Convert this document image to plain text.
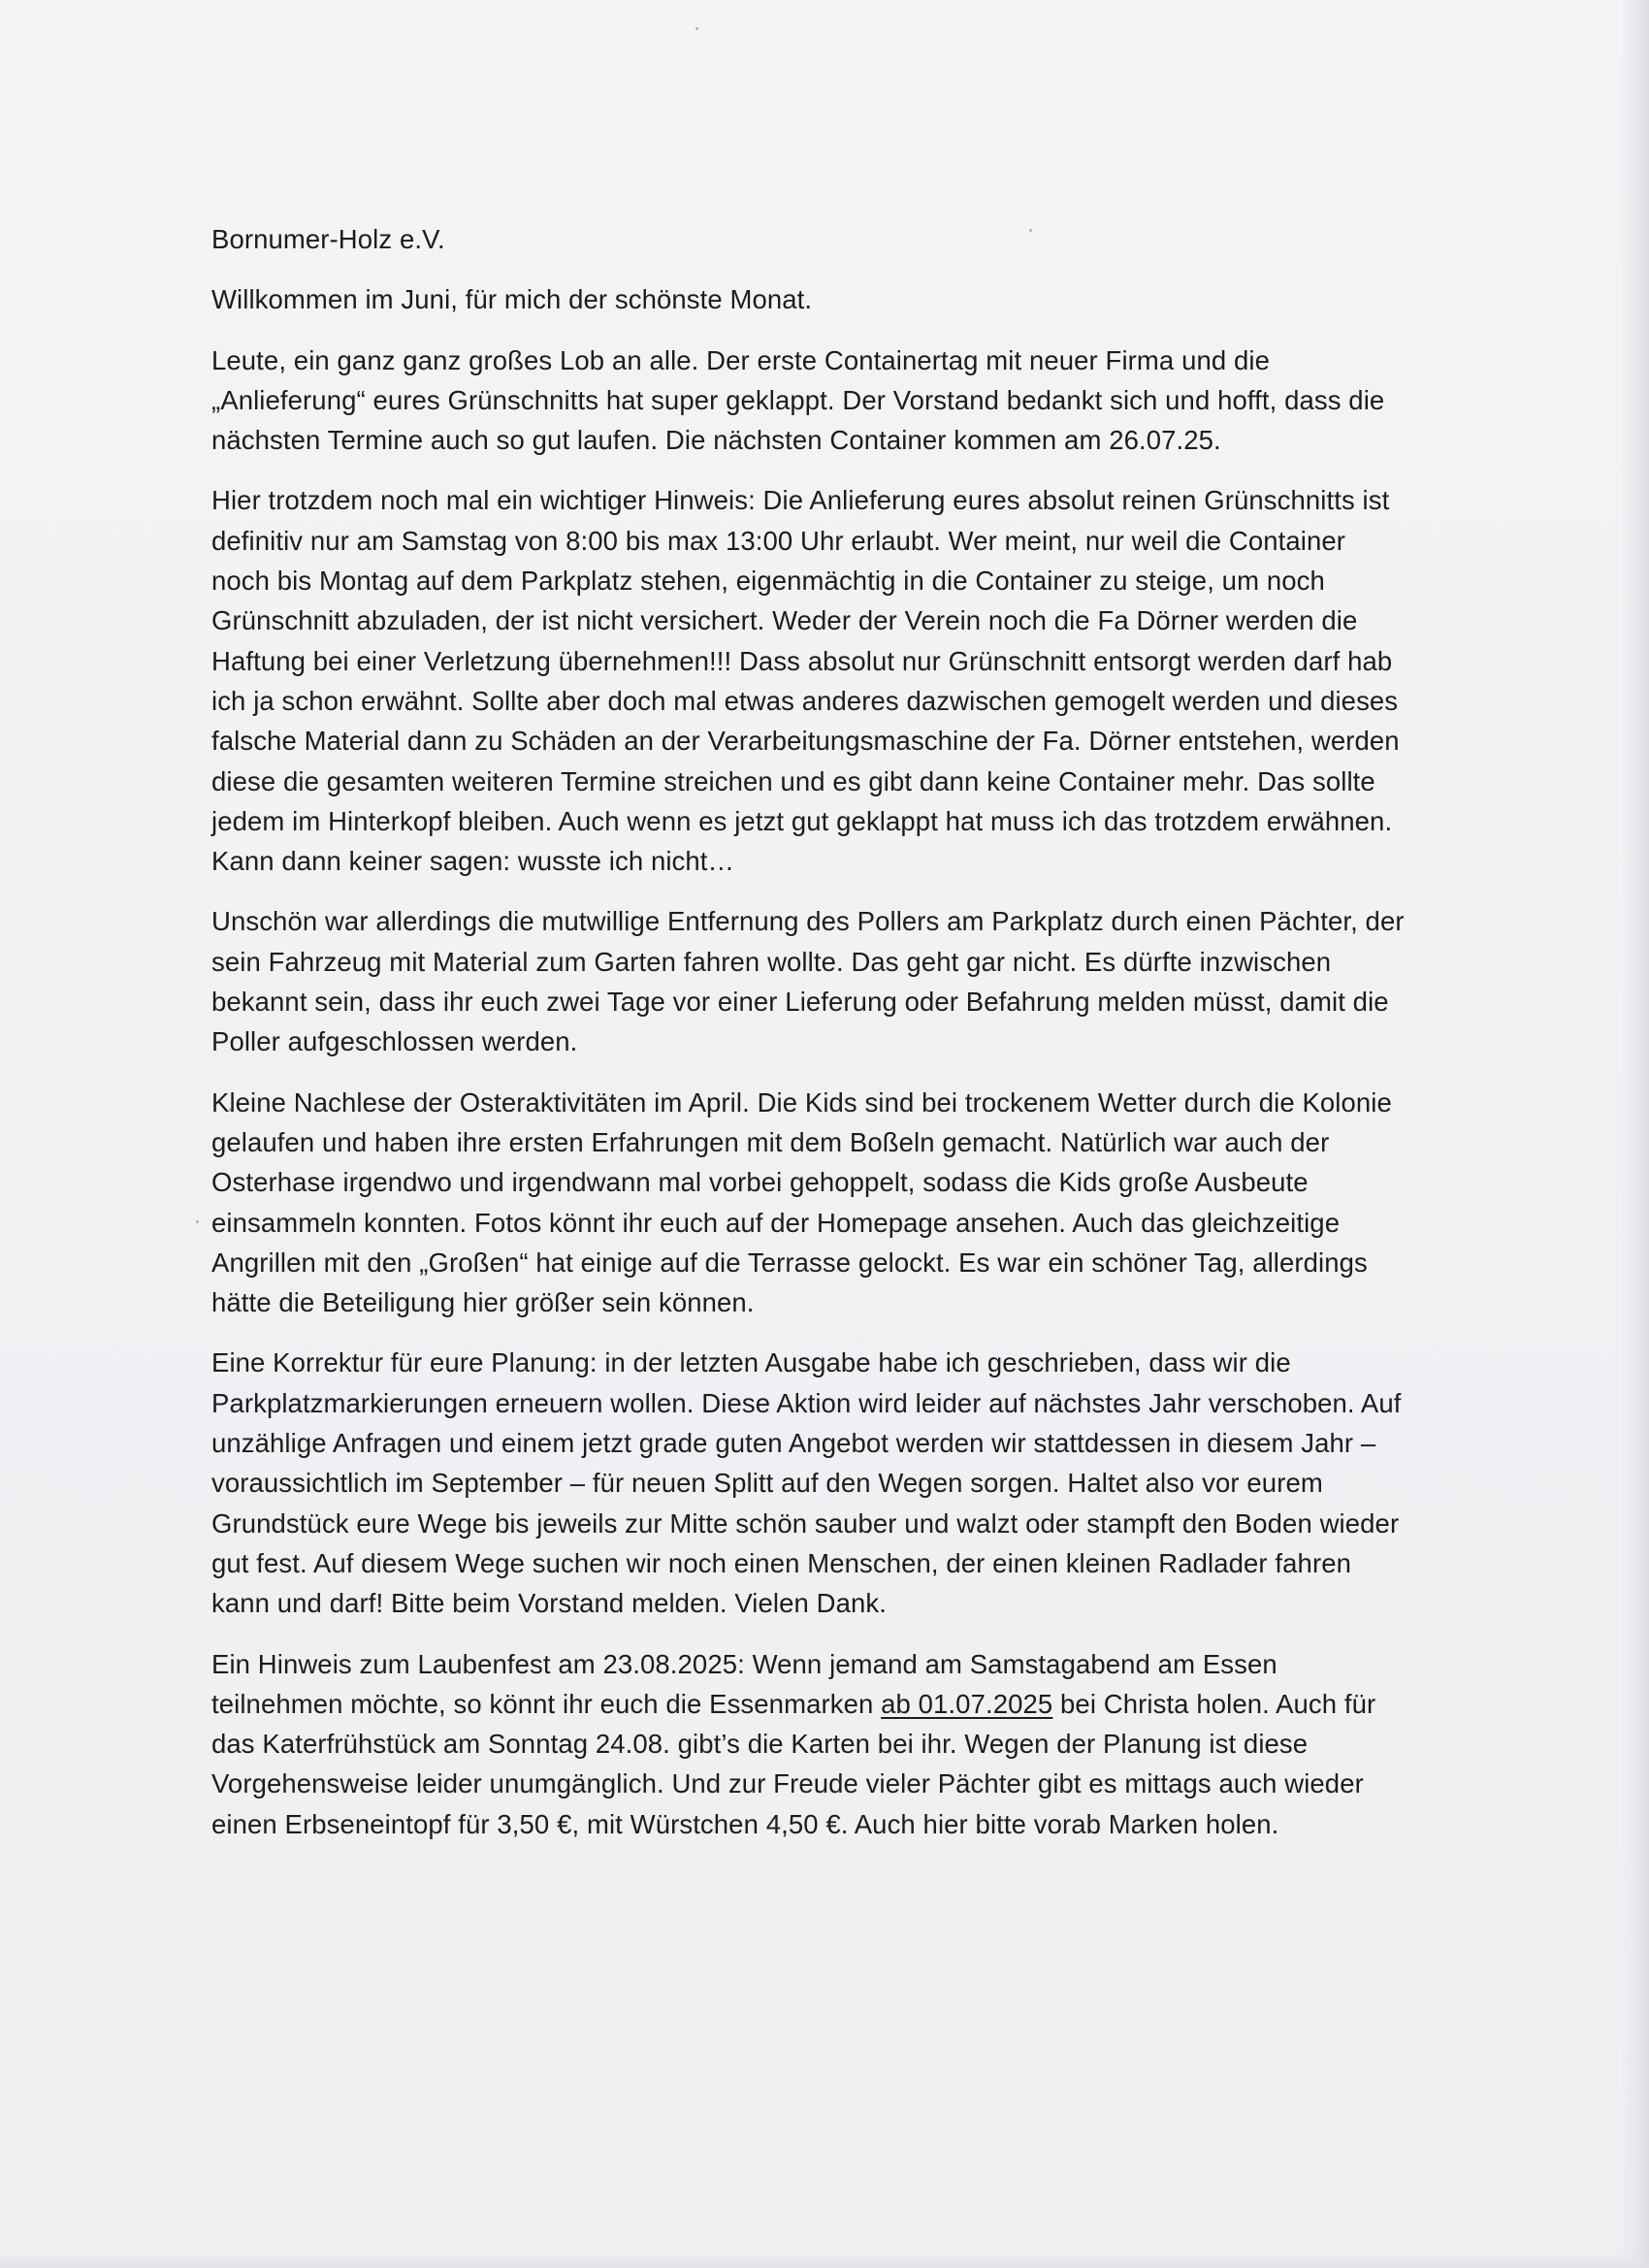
Bornumer-Holz e.V.

Willkommen im Juni, für mich der schönste Monat.

Leute, ein ganz ganz großes Lob an alle. Der erste Containertag mit neuer Firma und die „Anlieferung“ eures Grünschnitts hat super geklappt. Der Vorstand bedankt sich und hofft, dass die nächsten Termine auch so gut laufen. Die nächsten Container kommen am 26.07.25.

Hier trotzdem noch mal ein wichtiger Hinweis: Die Anlieferung eures absolut reinen Grünschnitts ist definitiv nur am Samstag von 8:00 bis max 13:00 Uhr erlaubt. Wer meint, nur weil die Container noch bis Montag auf dem Parkplatz stehen, eigenmächtig in die Container zu steige, um noch Grünschnitt abzuladen, der ist nicht versichert. Weder der Verein noch die Fa Dörner werden die Haftung bei einer Verletzung übernehmen!!! Dass absolut nur Grünschnitt entsorgt werden darf hab ich ja schon erwähnt. Sollte aber doch mal etwas anderes dazwischen gemogelt werden und dieses falsche Material dann zu Schäden an der Verarbeitungsmaschine der Fa. Dörner entstehen, werden diese die gesamten weiteren Termine streichen und es gibt dann keine Container mehr. Das sollte jedem im Hinterkopf bleiben. Auch wenn es jetzt gut geklappt hat muss ich das trotzdem erwähnen. Kann dann keiner sagen: wusste ich nicht…

Unschön war allerdings die mutwillige Entfernung des Pollers am Parkplatz durch einen Pächter, der sein Fahrzeug mit Material zum Garten fahren wollte. Das geht gar nicht. Es dürfte inzwischen bekannt sein, dass ihr euch zwei Tage vor einer Lieferung oder Befahrung melden müsst, damit die Poller aufgeschlossen werden.

Kleine Nachlese der Osteraktivitäten im April. Die Kids sind bei trockenem Wetter durch die Kolonie gelaufen und haben ihre ersten Erfahrungen mit dem Boßeln gemacht. Natürlich war auch der Osterhase irgendwo und irgendwann mal vorbei gehoppelt, sodass die Kids große Ausbeute einsammeln konnten. Fotos könnt ihr euch auf der Homepage ansehen. Auch das gleichzeitige Angrillen mit den „Großen“ hat einige auf die Terrasse gelockt. Es war ein schöner Tag, allerdings hätte die Beteiligung hier größer sein können.

Eine Korrektur für eure Planung: in der letzten Ausgabe habe ich geschrieben, dass wir die Parkplatzmarkierungen erneuern wollen. Diese Aktion wird leider auf nächstes Jahr verschoben. Auf unzählige Anfragen und einem jetzt grade guten Angebot werden wir stattdessen in diesem Jahr – voraussichtlich im September – für neuen Splitt auf den Wegen sorgen. Haltet also vor eurem Grundstück eure Wege bis jeweils zur Mitte schön sauber und walzt oder stampft den Boden wieder gut fest. Auf diesem Wege suchen wir noch einen Menschen, der einen kleinen Radlader fahren kann und darf! Bitte beim Vorstand melden. Vielen Dank.

Ein Hinweis zum Laubenfest am 23.08.2025: Wenn jemand am Samstagabend am Essen teilnehmen möchte, so könnt ihr euch die Essenmarken ab 01.07.2025 bei Christa holen. Auch für das Katerfrühstück am Sonntag 24.08. gibt’s die Karten bei ihr. Wegen der Planung ist diese Vorgehensweise leider unumgänglich. Und zur Freude vieler Pächter gibt es mittags auch wieder einen Erbseneintopf für 3,50 €, mit Würstchen 4,50 €. Auch hier bitte vorab Marken holen.
